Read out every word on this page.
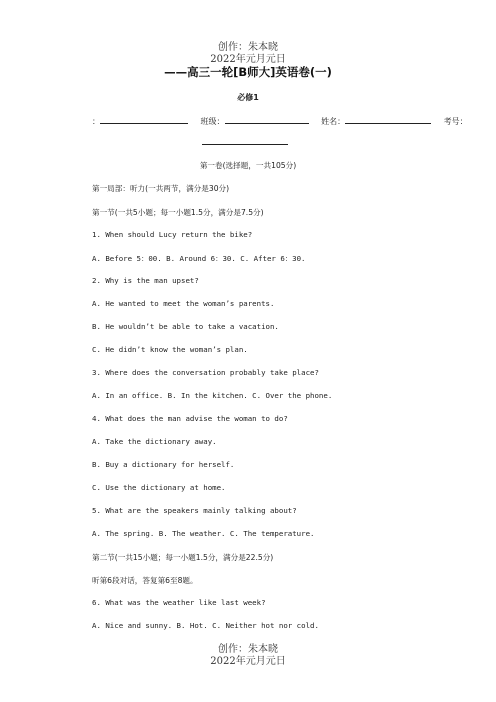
创作：朱本晓
2022年元月元日
——高三一轮[B师大]英语卷(一)
必修1
：	班级：	姓名：	考号：
第一卷(选择题，一共105分)
第一局部：听力(一共两节，满分是30分)
第一节(一共5小题；每一小题1.5分，满分是7.5分)
1. When should Lucy return the bike?
A. Before 5：00. B. Around 6：30. C. After 6：30.
2. Why is the man upset?
A. He wanted to meet the woman’s parents.
B. He wouldn’t be able to take a vacation.
C. He didn’t know the woman’s plan.
3. Where does the conversation probably take place?
A. In an office. B. In the kitchen. C. Over the phone.
4. What does the man advise the woman to do?
A. Take the dictionary away.
B. Buy a dictionary for herself.
C. Use the dictionary at home.
5. What are the speakers mainly talking about?
A. The spring. B. The weather. C. The temperature.
第二节(一共15小题；每一小题1.5分，满分是22.5分)
听第6段对话，答复第6至8题。
6. What was the weather like last week?
A. Nice and sunny. B. Hot. C. Neither hot nor cold.
创作：朱本晓
2022年元月元日
